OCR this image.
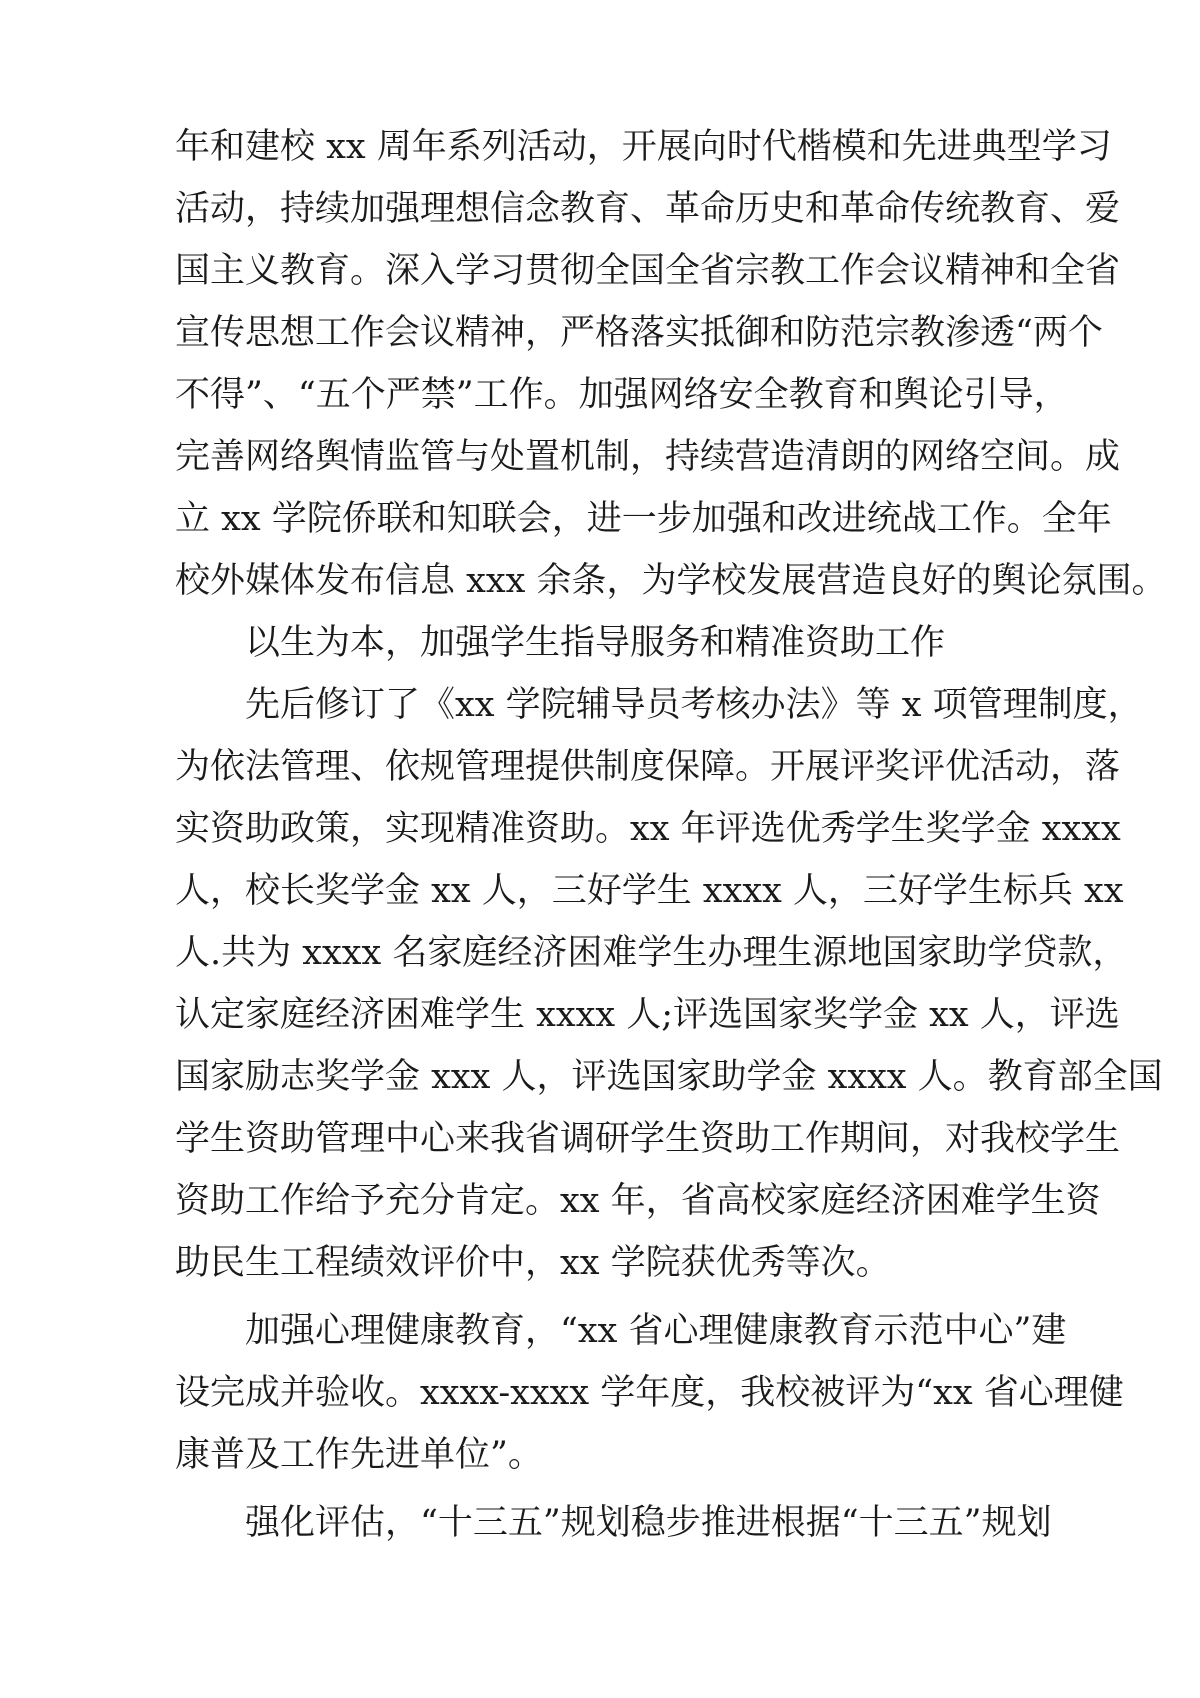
年和建校 xx 周年系列活动，开展向时代楷模和先进典型学习
活动，持续加强理想信念教育、革命历史和革命传统教育、爱
国主义教育。深入学习贯彻全国全省宗教工作会议精神和全省
宣传思想工作会议精神，严格落实抵御和防范宗教渗透“两个
不得”、“五个严禁”工作。加强网络安全教育和舆论引导，
完善网络舆情监管与处置机制，持续营造清朗的网络空间。成
立 xx 学院侨联和知联会，进一步加强和改进统战工作。全年
校外媒体发布信息 xxx 余条，为学校发展营造良好的舆论氛围。
以生为本，加强学生指导服务和精准资助工作
先后修订了《xx 学院辅导员考核办法》等 x 项管理制度，
为依法管理、依规管理提供制度保障。开展评奖评优活动，落
实资助政策，实现精准资助。xx 年评选优秀学生奖学金 xxxx
人，校长奖学金 xx 人，三好学生 xxxx 人，三好学生标兵 xx
人.共为 xxxx 名家庭经济困难学生办理生源地国家助学贷款，
认定家庭经济困难学生 xxxx 人;评选国家奖学金 xx 人，评选
国家励志奖学金 xxx 人，评选国家助学金 xxxx 人。教育部全国
学生资助管理中心来我省调研学生资助工作期间，对我校学生
资助工作给予充分肯定。xx 年，省高校家庭经济困难学生资
助民生工程绩效评价中，xx 学院获优秀等次。
加强心理健康教育，“xx 省心理健康教育示范中心”建
设完成并验收。xxxx-xxxx 学年度，我校被评为“xx 省心理健
康普及工作先进单位”。
强化评估，“十三五”规划稳步推进根据“十三五”规划
